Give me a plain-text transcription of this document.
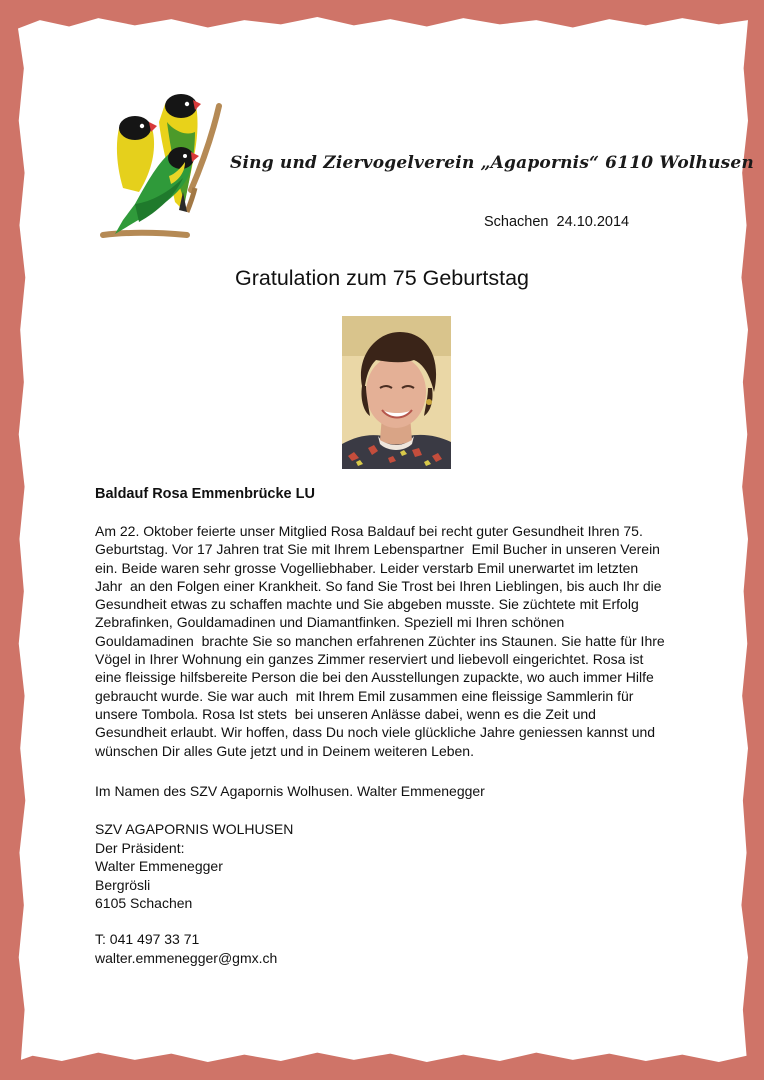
Sing und Ziervogelverein „Agapornis“ 6110 Wolhusen
Schachen  24.10.2014
Gratulation zum 75 Geburtstag
Baldauf Rosa Emmenbrücke LU
Am 22. Oktober feierte unser Mitglied Rosa Baldauf bei recht guter Gesundheit Ihren 75.
Geburtstag. Vor 17 Jahren trat Sie mit Ihrem Lebenspartner  Emil Bucher in unseren Verein
ein. Beide waren sehr grosse Vogelliebhaber. Leider verstarb Emil unerwartet im letzten
Jahr  an den Folgen einer Krankheit. So fand Sie Trost bei Ihren Lieblingen, bis auch Ihr die
Gesundheit etwas zu schaffen machte und Sie abgeben musste. Sie züchtete mit Erfolg
Zebrafinken, Gouldamadinen und Diamantfinken. Speziell mi Ihren schönen
Gouldamadinen  brachte Sie so manchen erfahrenen Züchter ins Staunen. Sie hatte für Ihre
Vögel in Ihrer Wohnung ein ganzes Zimmer reserviert und liebevoll eingerichtet. Rosa ist
eine fleissige hilfsbereite Person die bei den Ausstellungen zupackte, wo auch immer Hilfe
gebraucht wurde. Sie war auch  mit Ihrem Emil zusammen eine fleissige Sammlerin für
unsere Tombola. Rosa Ist stets  bei unseren Anlässe dabei, wenn es die Zeit und
Gesundheit erlaubt. Wir hoffen, dass Du noch viele glückliche Jahre geniessen kannst und
wünschen Dir alles Gute jetzt und in Deinem weiteren Leben.
Im Namen des SZV Agapornis Wolhusen. Walter Emmenegger
SZV AGAPORNIS WOLHUSEN
Der Präsident:
Walter Emmenegger
Bergrösli
6105 Schachen
T: 041 497 33 71
walter.emmenegger@gmx.ch
